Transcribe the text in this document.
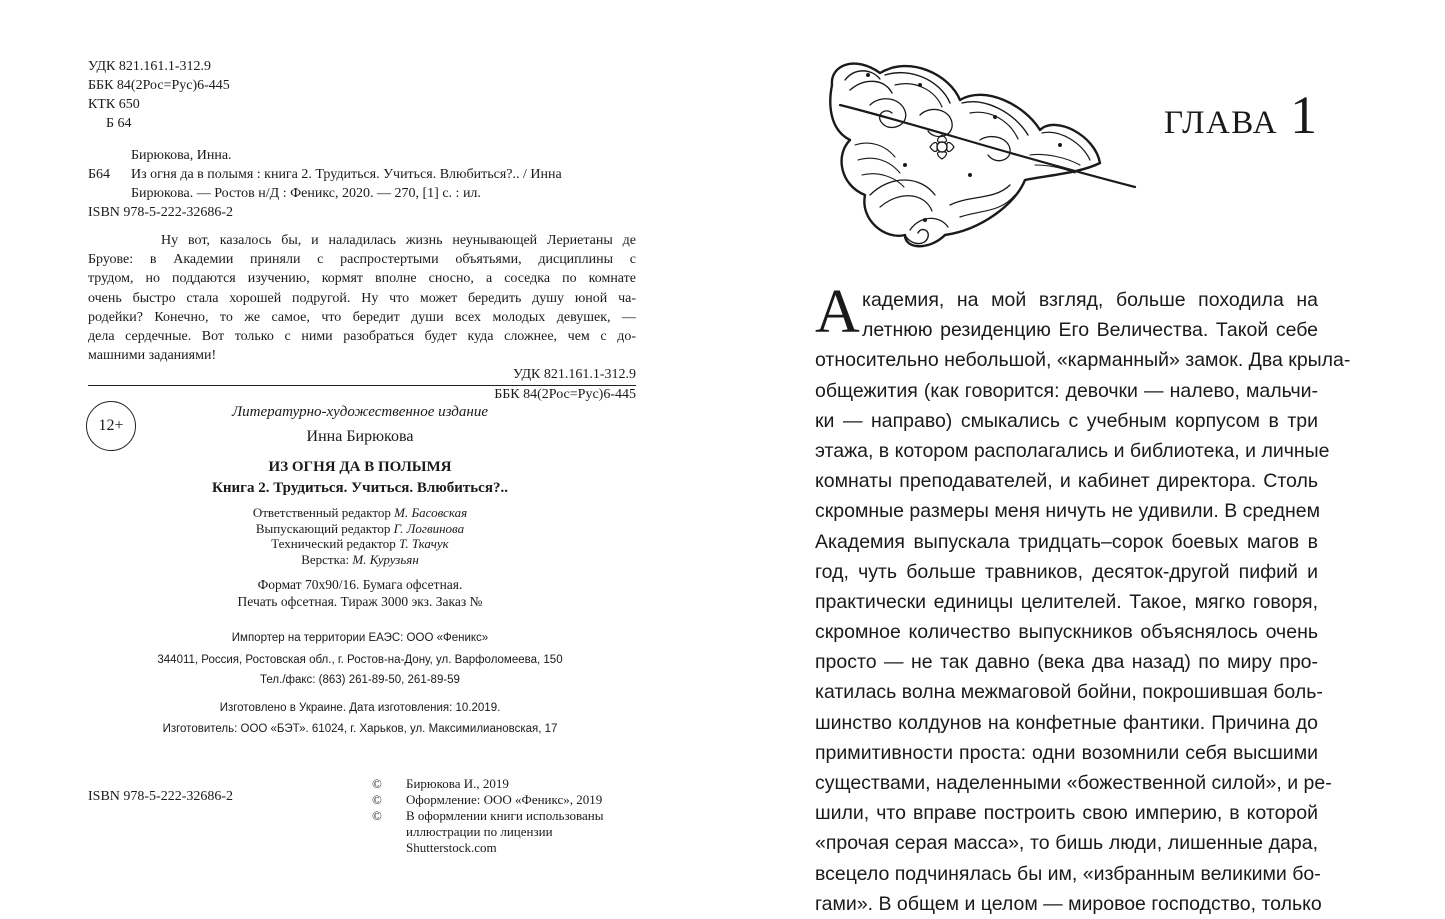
УДК 821.161.1-312.9
ББК 84(2Рос=Рус)6-445
КТК 650
Б 64
Бирюкова, Инна.
Б64	Из огня да в полымя : книга 2. Трудиться. Учиться. Влюбиться?.. / Инна
Бирюкова. — Ростов н/Д : Феникс, 2020. — 270, [1] с. : ил.
ISBN 978-5-222-32686-2
Ну вот, казалось бы, и наладилась жизнь неунывающей Лериетаны де
Бруове: в Академии приняли с распростертыми объятьями, дисциплины с
трудом, но поддаются изучению, кормят вполне сносно, а соседка по комнате
очень быстро стала хорошей подругой. Ну что может бередить душу юной ча-
родейки? Конечно, то же самое, что бередит души всех молодых девушек, —
дела сердечные. Вот только с ними разобраться будет куда сложнее, чем с до-
машними заданиями!
УДК 821.161.1-312.9
ББК 84(2Рос=Рус)6-445
12+
Литературно-художественное издание
Инна Бирюкова
ИЗ ОГНЯ ДА В ПОЛЫМЯ
Книга 2. Трудиться. Учиться. Влюбиться?..
Ответственный редактор М. Басовская
Выпускающий редактор Г. Логвинова
Технический редактор Т. Ткачук
Верстка: М. Курузьян
Формат 70x90/16. Бумага офсетная.
Печать офсетная. Тираж 3000 экз. Заказ №
Импортер на территории ЕАЭС: ООО «Феникс»
344011, Россия, Ростовская обл., г. Ростов-на-Дону, ул. Варфоломеева, 150
Тел./факс: (863) 261-89-50, 261-89-59
Изготовлено в Украине. Дата изготовления: 10.2019.
Изготовитель: ООО «БЭТ». 61024, г. Харьков, ул. Максимилиановская, 17
ISBN 978-5-222-32686-2
©	Бирюкова И., 2019
©	Оформление: ООО «Феникс», 2019
©	В оформлении книги использованы
иллюстрации по лицензии
Shutterstock.com
ГЛАВА 1
А кадемия, на мой взгляд, больше походила на
летнюю резиденцию Его Величества. Такой себе
относительно небольшой, «карманный» замок. Два крыла-
общежития (как говорится: девочки — налево, мальчи-
ки — направо) смыкались с учебным корпусом в три
этажа, в котором располагались и библиотека, и личные
комнаты преподавателей, и кабинет директора. Столь
скромные размеры меня ничуть не удивили. В среднем
Академия выпускала тридцать–сорок боевых магов в
год, чуть больше травников, десяток-другой пифий и
практически единицы целителей. Такое, мягко говоря,
скромное количество выпускников объяснялось очень
просто — не так давно (века два назад) по миру про-
катилась волна межмаговой бойни, покрошившая боль-
шинство колдунов на конфетные фантики. Причина до
примитивности проста: одни возомнили себя высшими
существами, наделенными «божественной силой», и ре-
шили, что вправе построить свою империю, в которой
«прочая серая масса», то бишь люди, лишенные дара,
всецело подчинялась бы им, «избранным великими бо-
гами». В общем и целом — мировое господство, только
